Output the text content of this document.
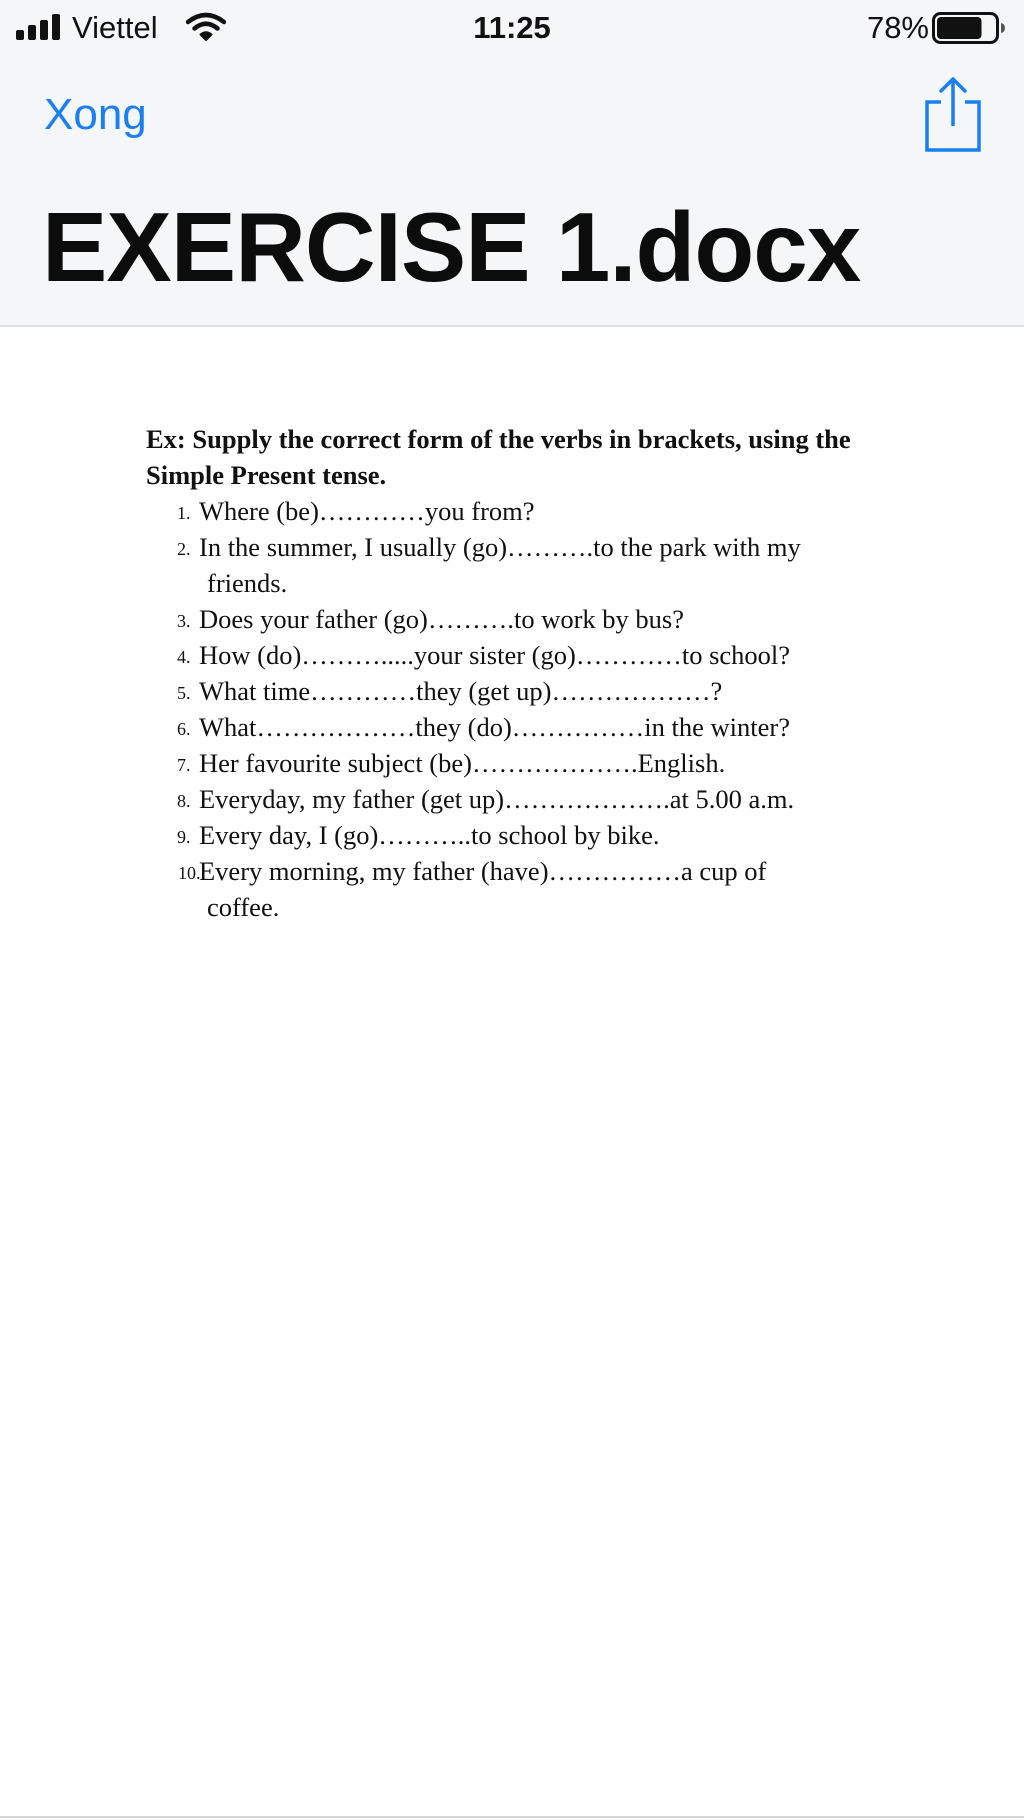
Viettel	11:25	78%
Xong
EXERCISE 1.docx

Ex: Supply the correct form of the verbs in brackets, using the Simple Present tense.

1. Where (be)…………you from?
2. In the summer, I usually (go)……….to the park with my
friends.
3. Does your father (go)……….to work by bus?
4. How (do)……….....your sister (go)…………to school?
5. What time…………they (get up)………………?
6. What………………they (do)……………in the winter?
7. Her favourite subject (be)……………….English.
8. Everyday, my father (get up)……………….at 5.00 a.m.
9. Every day, I (go)………..to school by bike.
10.
Every morning, my father (have)……………a cup of
coffee.
